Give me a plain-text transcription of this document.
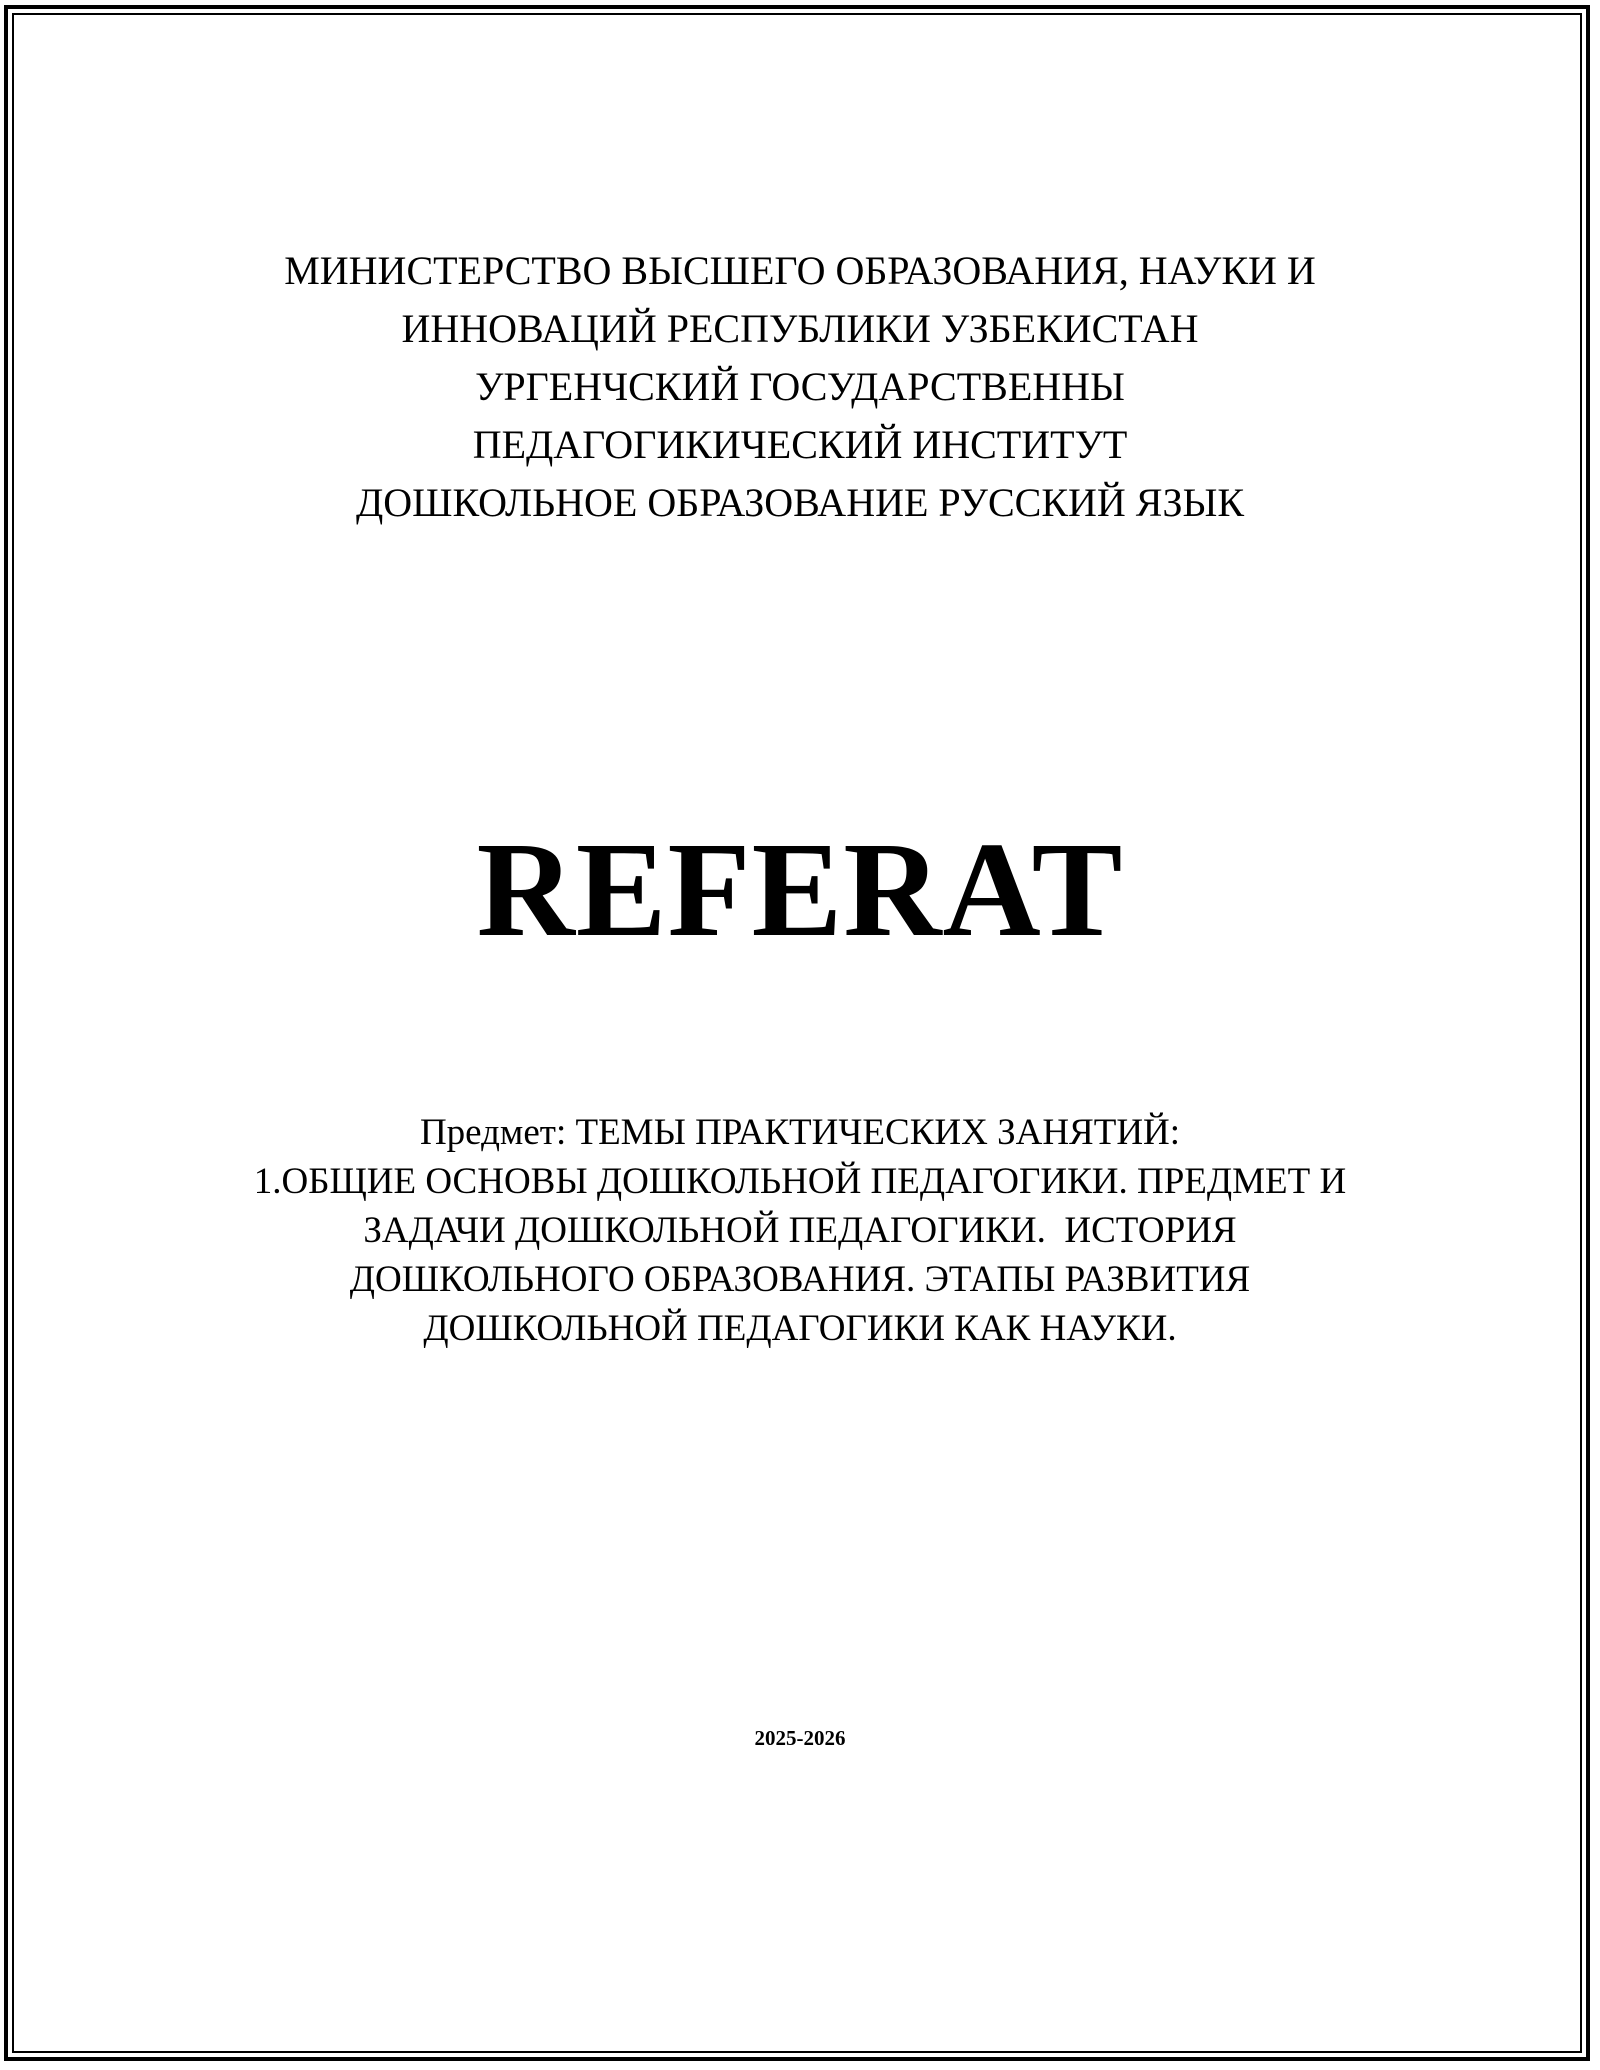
МИНИСТЕРСТВО ВЫСШЕГО ОБРАЗОВАНИЯ, НАУКИ И
ИННОВАЦИЙ РЕСПУБЛИКИ УЗБЕКИСТАН
УРГЕНЧСКИЙ ГОСУДАРСТВЕННЫ
ПЕДАГОГИКИЧЕСКИЙ ИНСТИТУТ
ДОШКОЛЬНОЕ ОБРАЗОВАНИЕ РУССКИЙ ЯЗЫК
REFERAT
Предмет: ТЕМЫ ПРАКТИЧЕСКИХ ЗАНЯТИЙ:
1.ОБЩИЕ ОСНОВЫ ДОШКОЛЬНОЙ ПЕДАГОГИКИ. ПРЕДМЕТ И
ЗАДАЧИ ДОШКОЛЬНОЙ ПЕДАГОГИКИ.  ИСТОРИЯ
ДОШКОЛЬНОГО ОБРАЗОВАНИЯ. ЭТАПЫ РАЗВИТИЯ
ДОШКОЛЬНОЙ ПЕДАГОГИКИ КАК НАУКИ.
2025-2026
